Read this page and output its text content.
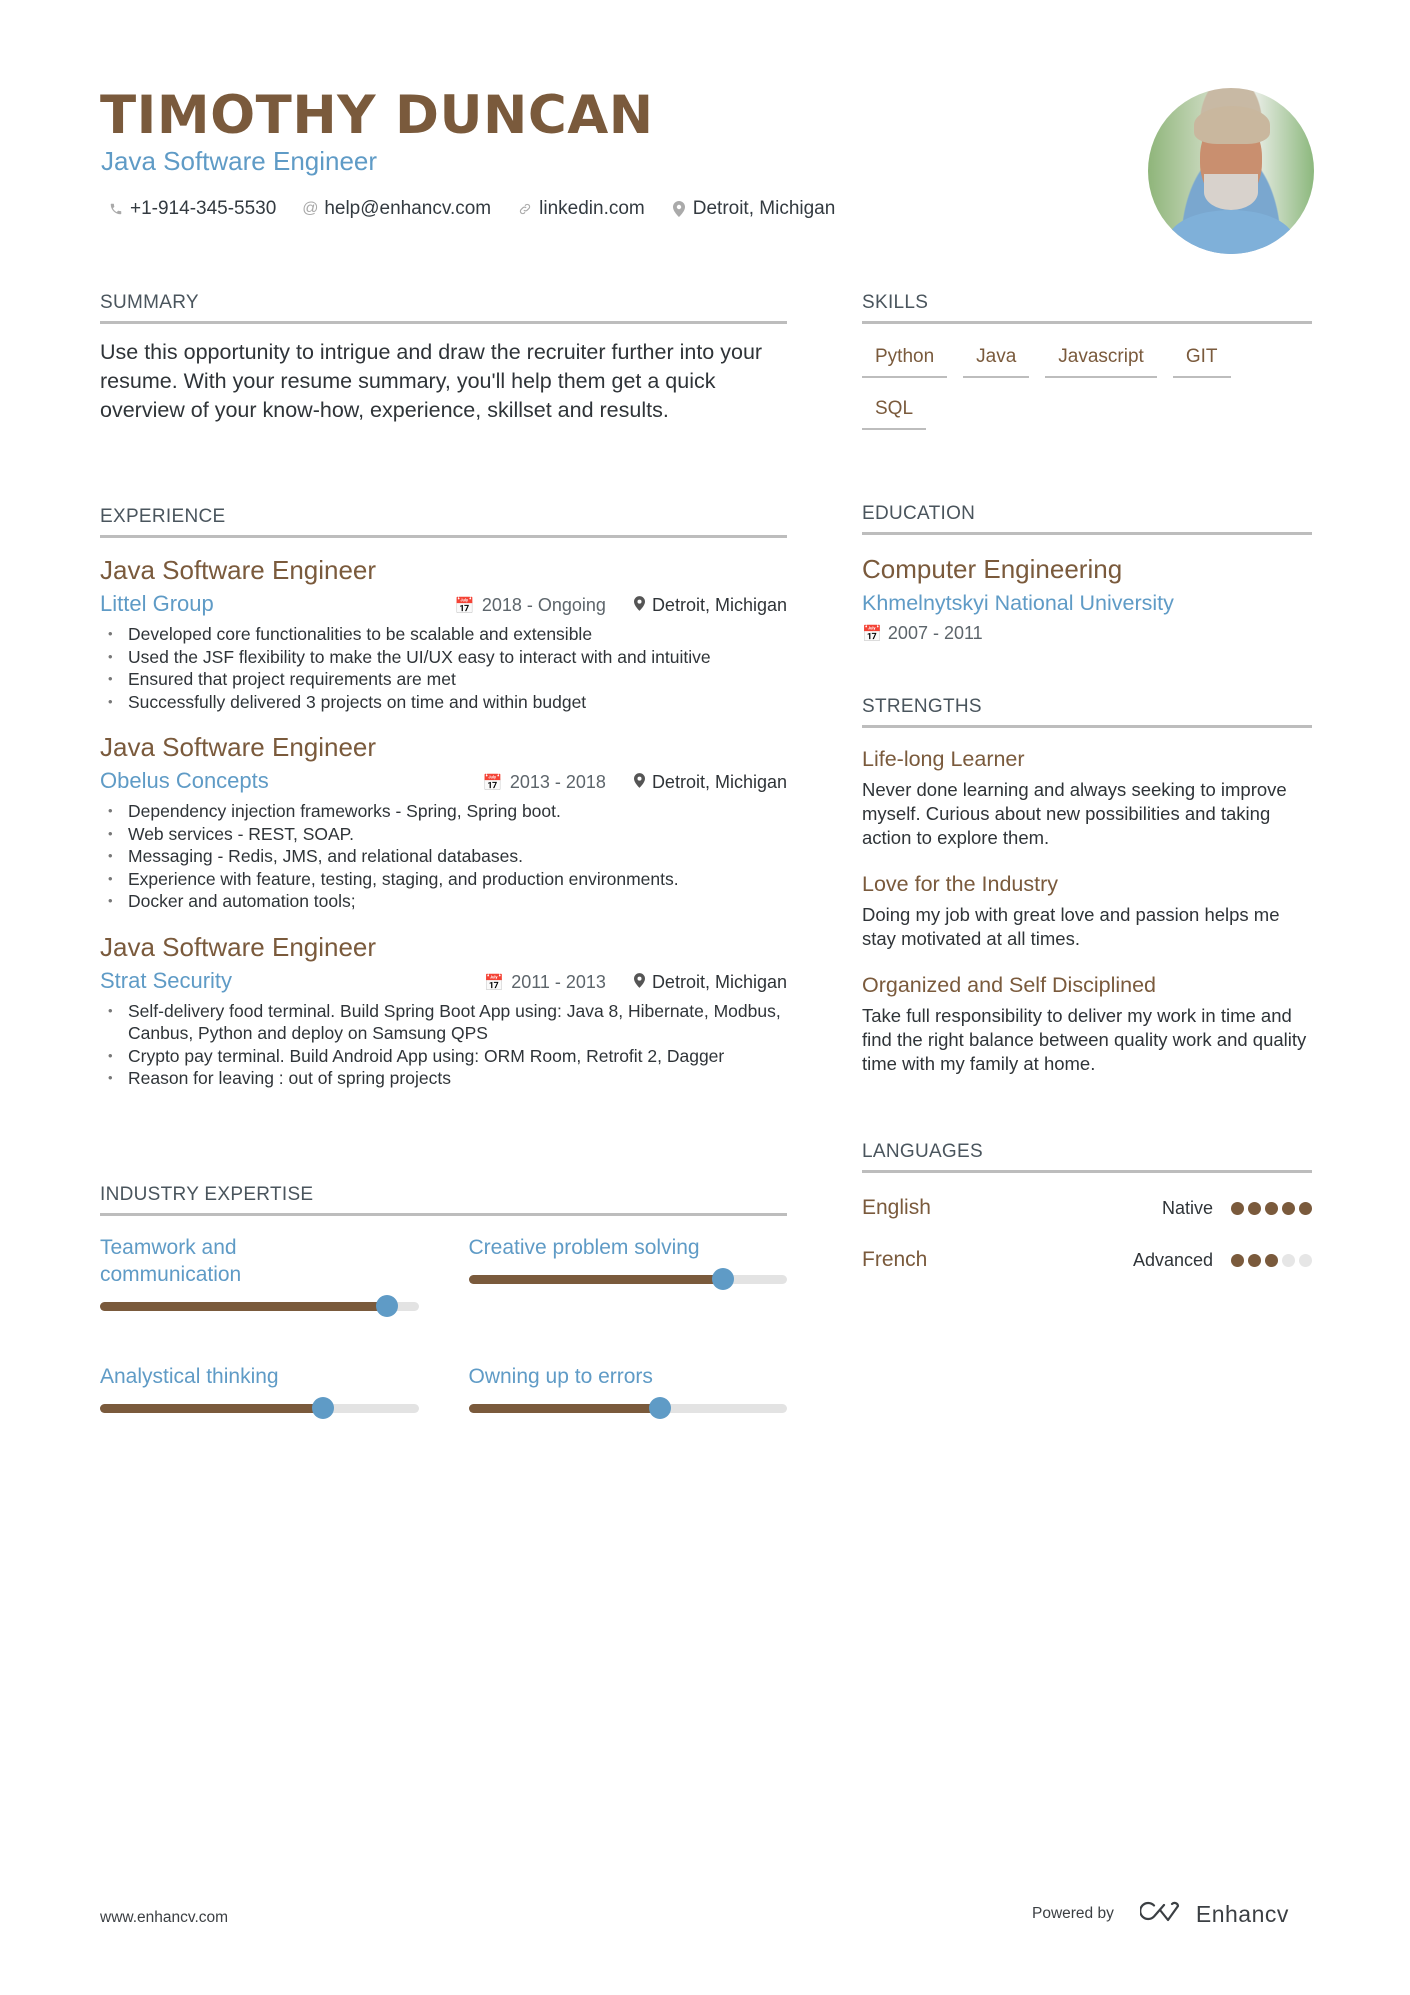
TIMOTHY DUNCAN
Java Software Engineer
+1-914-345-5530 @ help@enhancv.com	linkedin.com	Detroit, Michigan
SUMMARY
Use this opportunity to intrigue and draw the recruiter further into your resume. With your resume summary, you'll help them get a quick overview of your know-how, experience, skillset and results.
EXPERIENCE
Java Software Engineer
Littel Group	📅 2018 - Ongoing	Detroit, Michigan
• Developed core functionalities to be scalable and extensible
• Used the JSF flexibility to make the UI/UX easy to interact with and intuitive
• Ensured that project requirements are met
• Successfully delivered 3 projects on time and within budget
Java Software Engineer
Obelus Concepts	📅 2013 - 2018	Detroit, Michigan
• Dependency injection frameworks - Spring, Spring boot.
• Web services - REST, SOAP.
• Messaging - Redis, JMS, and relational databases.
• Experience with feature, testing, staging, and production environments.
• Docker and automation tools;
Java Software Engineer
Strat Security	📅 2011 - 2013	Detroit, Michigan
• Self-delivery food terminal. Build Spring Boot App using: Java 8, Hibernate, Modbus, Canbus, Python and deploy on Samsung QPS
• Crypto pay terminal. Build Android App using: ORM Room, Retrofit 2, Dagger
• Reason for leaving : out of spring projects
INDUSTRY EXPERTISE
Teamwork and communication
Creative problem solving
Analystical thinking	Owning up to errors
SKILLS
Python	Java	Javascript	GIT
SQL
EDUCATION
Computer Engineering
Khmelnytskyi National University
📅 2007 - 2011
STRENGTHS
Life-long Learner
Never done learning and always seeking to improve myself. Curious about new possibilities and taking action to explore them.
Love for the Industry
Doing my job with great love and passion helps me stay motivated at all times.
Organized and Self Disciplined
Take full responsibility to deliver my work in time and find the right balance between quality work and quality time with my family at home.
LANGUAGES
English	Native
French	Advanced
www.enhancv.com	Powered by	Enhancv
